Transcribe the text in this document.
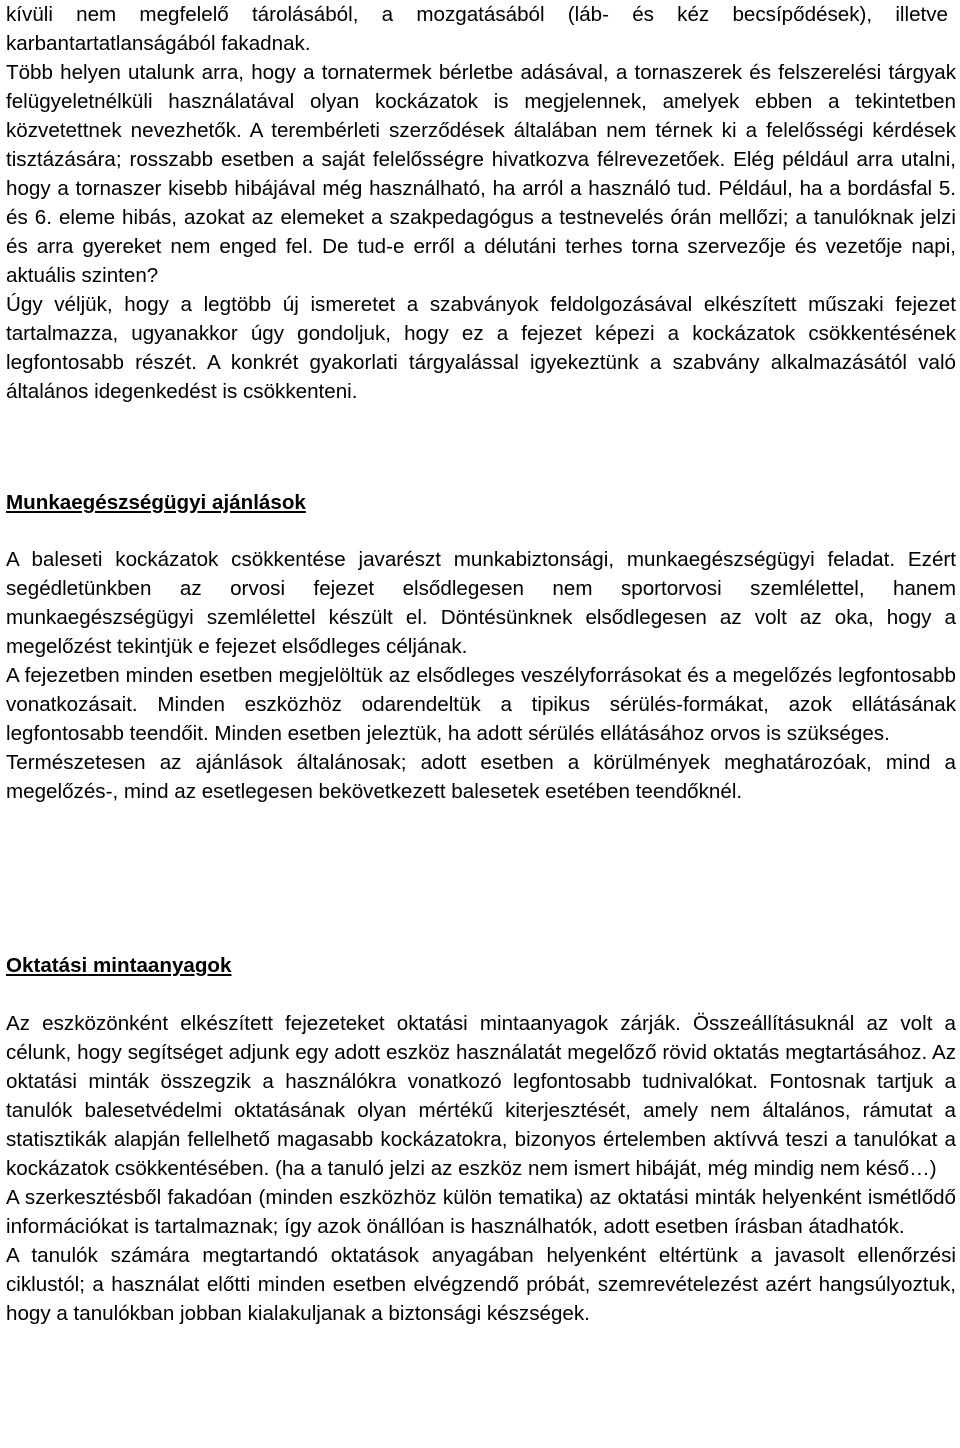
kívüli nem megfelelő tárolásából, a mozgatásából (láb- és kéz becsípődések), illetve karbantartatlanságából fakadnak.

Több helyen utalunk arra, hogy a tornatermek bérletbe adásával, a tornaszerek és felszerelési tárgyak felügyeletnélküli használatával olyan kockázatok is megjelennek, amelyek ebben a tekintetben közvetettnek nevezhetők. A terembérleti szerződések általában nem térnek ki a felelősségi kérdések tisztázására; rosszabb esetben a saját felelősségre hivatkozva félrevezetőek. Elég például arra utalni, hogy a tornaszer kisebb hibájával még használható, ha arról a használó tud. Például, ha a bordásfal 5. és 6. eleme hibás, azokat az elemeket a szakpedagógus a testnevelés órán mellőzi; a tanulóknak jelzi és arra gyereket nem enged fel. De tud-e erről a délutáni terhes torna szervezője és vezetője napi, aktuális szinten?

Úgy véljük, hogy a legtöbb új ismeretet a szabványok feldolgozásával elkészített műszaki fejezet tartalmazza, ugyanakkor úgy gondoljuk, hogy ez a fejezet képezi a kockázatok csökkentésének legfontosabb részét. A konkrét gyakorlati tárgyalással igyekeztünk a szabvány alkalmazásától való általános idegenkedést is csökkenteni.

Munkaegészségügyi ajánlások

A baleseti kockázatok csökkentése javarészt munkabiztonsági, munkaegészségügyi feladat. Ezért segédletünkben az orvosi fejezet elsődlegesen nem sportorvosi szemlélettel, hanem munkaegészségügyi szemlélettel készült el. Döntésünknek elsődlegesen az volt az oka, hogy a megelőzést tekintjük e fejezet elsődleges céljának.

A fejezetben minden esetben megjelöltük az elsődleges veszélyforrásokat és a megelőzés legfontosabb vonatkozásait. Minden eszközhöz odarendeltük a tipikus sérülés-formákat, azok ellátásának legfontosabb teendőit. Minden esetben jeleztük, ha adott sérülés ellátásához orvos is szükséges.

Természetesen az ajánlások általánosak; adott esetben a körülmények meghatározóak, mind a megelőzés-, mind az esetlegesen bekövetkezett balesetek esetében teendőknél.

Oktatási mintaanyagok

Az eszközönként elkészített fejezeteket oktatási mintaanyagok zárják. Összeállításuknál az volt a célunk, hogy segítséget adjunk egy adott eszköz használatát megelőző rövid oktatás megtartásához. Az oktatási minták összegzik a használókra vonatkozó legfontosabb tudnivalókat. Fontosnak tartjuk a tanulók balesetvédelmi oktatásának olyan mértékű kiterjesztését, amely nem általános, rámutat a statisztikák alapján fellelhető magasabb kockázatokra, bizonyos értelemben aktívvá teszi a tanulókat a kockázatok csökkentésében. (ha a tanuló jelzi az eszköz nem ismert hibáját, még mindig nem késő…)

A szerkesztésből fakadóan (minden eszközhöz külön tematika) az oktatási minták helyenként ismétlődő információkat is tartalmaznak; így azok önállóan is használhatók, adott esetben írásban átadhatók.

A tanulók számára megtartandó oktatások anyagában helyenként eltértünk a javasolt ellenőrzési ciklustól; a használat előtti minden esetben elvégzendő próbát, szemrevételezést azért hangsúlyoztuk, hogy a tanulókban jobban kialakuljanak a biztonsági készségek.
